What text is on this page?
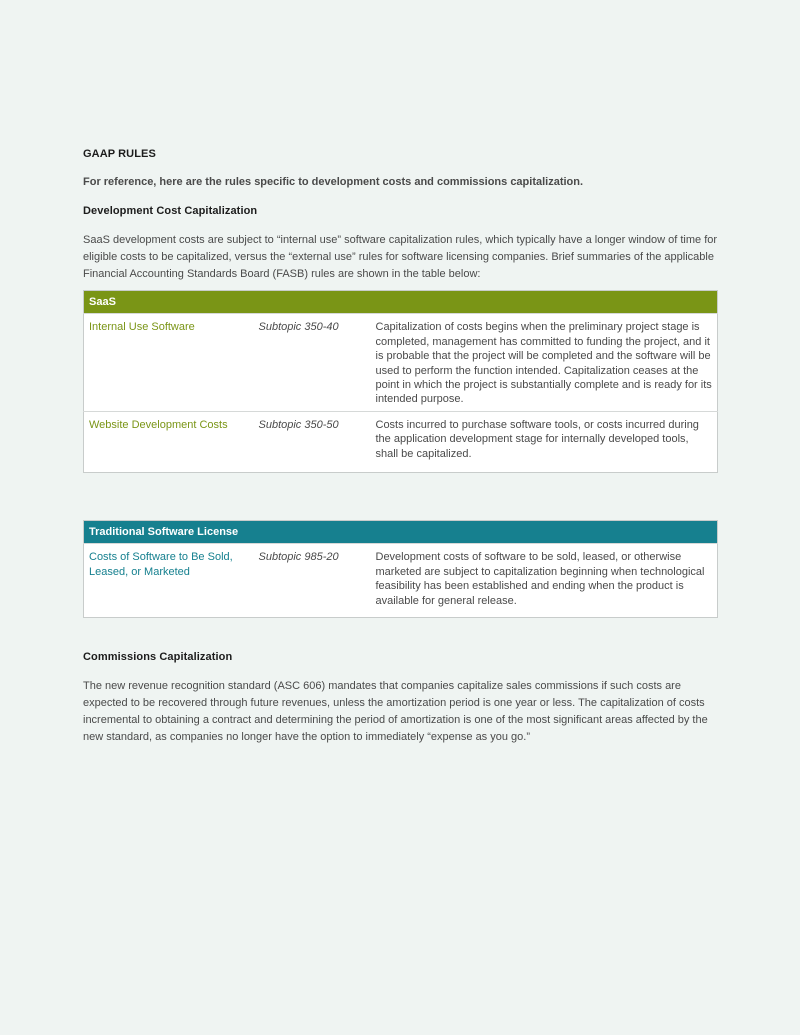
GAAP RULES
For reference, here are the rules specific to development costs and commissions capitalization.
Development Cost Capitalization
SaaS development costs are subject to “internal use” software capitalization rules, which typically have a longer window of time for eligible costs to be capitalized, versus the “external use” rules for software licensing companies. Brief summaries of the applicable Financial Accounting Standards Board (FASB) rules are shown in the table below:
SaaS		
Internal Use Software	Subtopic 350-40	Capitalization of costs begins when the preliminary project stage is completed, management has committed to funding the project, and it is probable that the project will be completed and the software will be used to perform the function intended. Capitalization ceases at the point in which the project is substantially complete and is ready for its intended purpose.
Website Development Costs	Subtopic 350-50	Costs incurred to purchase software tools, or costs incurred during the application development stage for internally developed tools, shall be capitalized.
Traditional Software License
Costs of Software to Be Sold, Leased, or Marketed	Subtopic 985-20	Development costs of software to be sold, leased, or otherwise marketed are subject to capitalization beginning when technological feasibility has been established and ending when the product is available for general release.
Commissions Capitalization
The new revenue recognition standard (ASC 606) mandates that companies capitalize sales commissions if such costs are expected to be recovered through future revenues, unless the amortization period is one year or less. The capitalization of costs incremental to obtaining a contract and determining the period of amortization is one of the most significant areas affected by the new standard, as companies no longer have the option to immediately “expense as you go.”
